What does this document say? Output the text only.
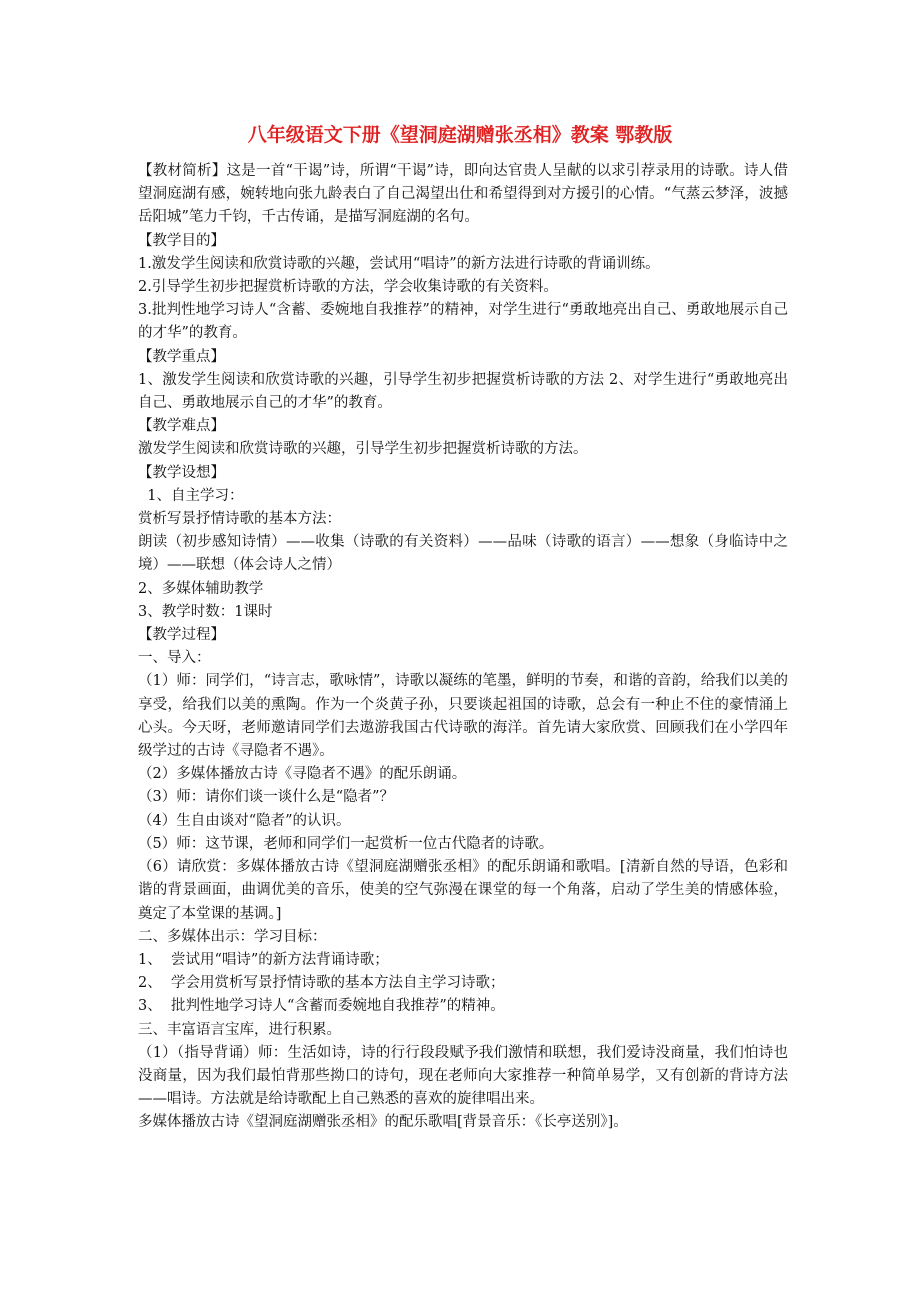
八年级语文下册《望洞庭湖赠张丞相》教案 鄂教版

【教材简析】这是一首“干谒”诗，所谓“干谒”诗，即向达官贵人呈献的以求引荐录用的诗歌。诗人借望洞庭湖有感，婉转地向张九龄表白了自己渴望出仕和希望得到对方援引的心情。“气蒸云梦泽，波撼岳阳城”笔力千钧，千古传诵，是描写洞庭湖的名句。

【教学目的】

1.激发学生阅读和欣赏诗歌的兴趣，尝试用“唱诗”的新方法进行诗歌的背诵训练。

2.引导学生初步把握赏析诗歌的方法，学会收集诗歌的有关资料。

3.批判性地学习诗人“含蓄、委婉地自我推荐”的精神，对学生进行“勇敢地亮出自己、勇敢地展示自己的才华”的教育。

【教学重点】

1、激发学生阅读和欣赏诗歌的兴趣，引导学生初步把握赏析诗歌的方法 2、对学生进行“勇敢地亮出自己、勇敢地展示自己的才华”的教育。

【教学难点】

激发学生阅读和欣赏诗歌的兴趣，引导学生初步把握赏析诗歌的方法。

【教学设想】

1、自主学习：

赏析写景抒情诗歌的基本方法：

朗读（初步感知诗情）——收集（诗歌的有关资料）——品味（诗歌的语言）——想象（身临诗中之境）——联想（体会诗人之情）

2、多媒体辅助教学

3、教学时数：1课时

【教学过程】

一、导入：

（1）师：同学们，“诗言志，歌咏情”，诗歌以凝练的笔墨，鲜明的节奏，和谐的音韵，给我们以美的享受，给我们以美的熏陶。作为一个炎黄子孙，只要谈起祖国的诗歌，总会有一种止不住的豪情涌上心头。今天呀，老师邀请同学们去遨游我国古代诗歌的海洋。首先请大家欣赏、回顾我们在小学四年级学过的古诗《寻隐者不遇》。

（2）多媒体播放古诗《寻隐者不遇》的配乐朗诵。

（3）师：请你们谈一谈什么是“隐者”？

（4）生自由谈对“隐者”的认识。

（5）师：这节课，老师和同学们一起赏析一位古代隐者的诗歌。

（6）请欣赏：多媒体播放古诗《望洞庭湖赠张丞相》的配乐朗诵和歌唱。[清新自然的导语，色彩和谐的背景画面，曲调优美的音乐，使美的空气弥漫在课堂的每一个角落，启动了学生美的情感体验，奠定了本堂课的基调。]

二、多媒体出示：学习目标：

1、  尝试用“唱诗”的新方法背诵诗歌；

2、  学会用赏析写景抒情诗歌的基本方法自主学习诗歌；

3、  批判性地学习诗人“含蓄而委婉地自我推荐”的精神。

三、丰富语言宝库，进行积累。

（1）（指导背诵）师：生活如诗，诗的行行段段赋予我们激情和联想，我们爱诗没商量，我们怕诗也没商量，因为我们最怕背那些拗口的诗句，现在老师向大家推荐一种简单易学，又有创新的背诗方法——唱诗。方法就是给诗歌配上自己熟悉的喜欢的旋律唱出来。

多媒体播放古诗《望洞庭湖赠张丞相》的配乐歌唱[背景音乐：《长亭送别》]。
